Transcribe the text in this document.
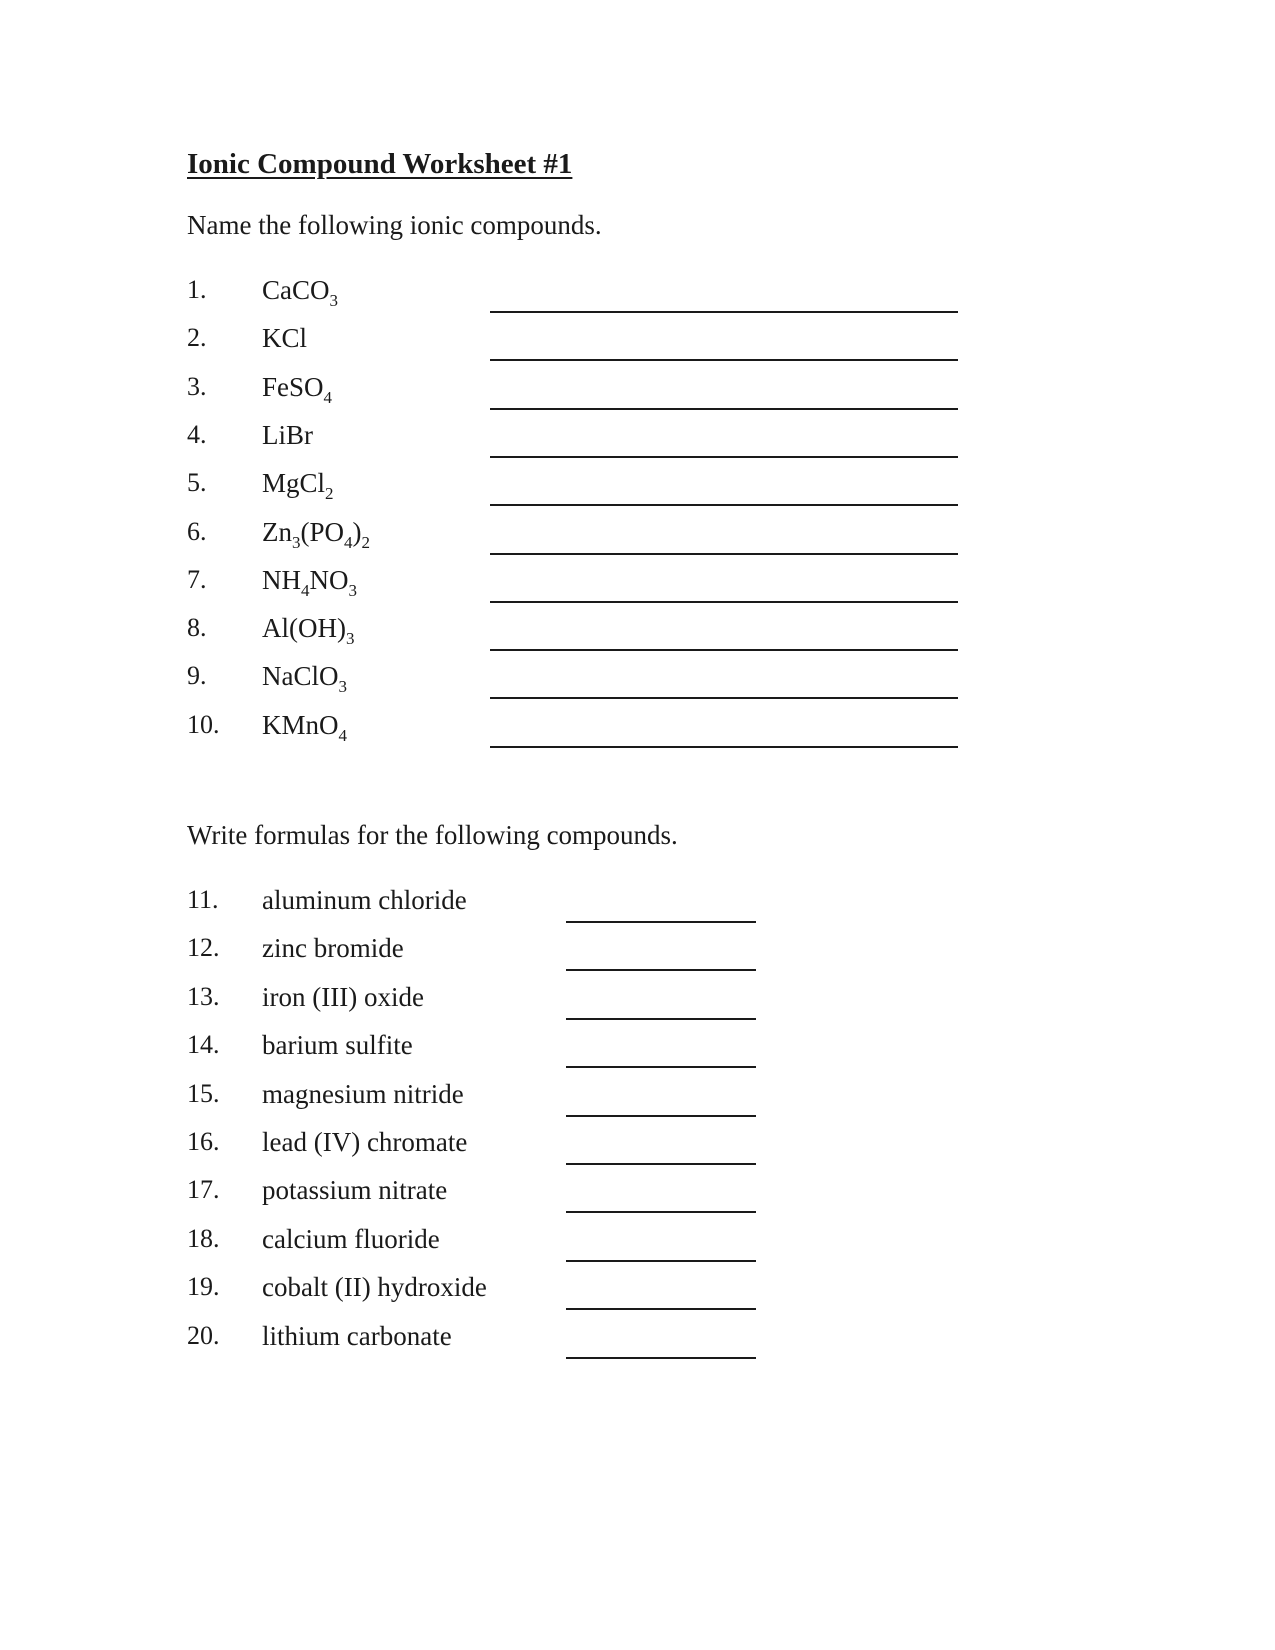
Ionic Compound Worksheet #1
Name the following ionic compounds.
1. CaCO$_3$
2. KCl
3. FeSO$_4$
4. LiBr
5. MgCl$_2$
6. $Zn_3(PO_4)_2$
7. $NH_4NO_3$
8. $Al(OH)_3$
9. NaClO$_3$
10. KMnO$_4$
Write formulas for the following compounds.
11. aluminum chloride
12. zinc bromide
13. iron (III) oxide
14. barium sulfite
15. magnesium nitride
16. lead (IV) chromate
17. potassium nitrate
18. calcium fluoride
19. cobalt (II) hydroxide
20. lithium carbonate
